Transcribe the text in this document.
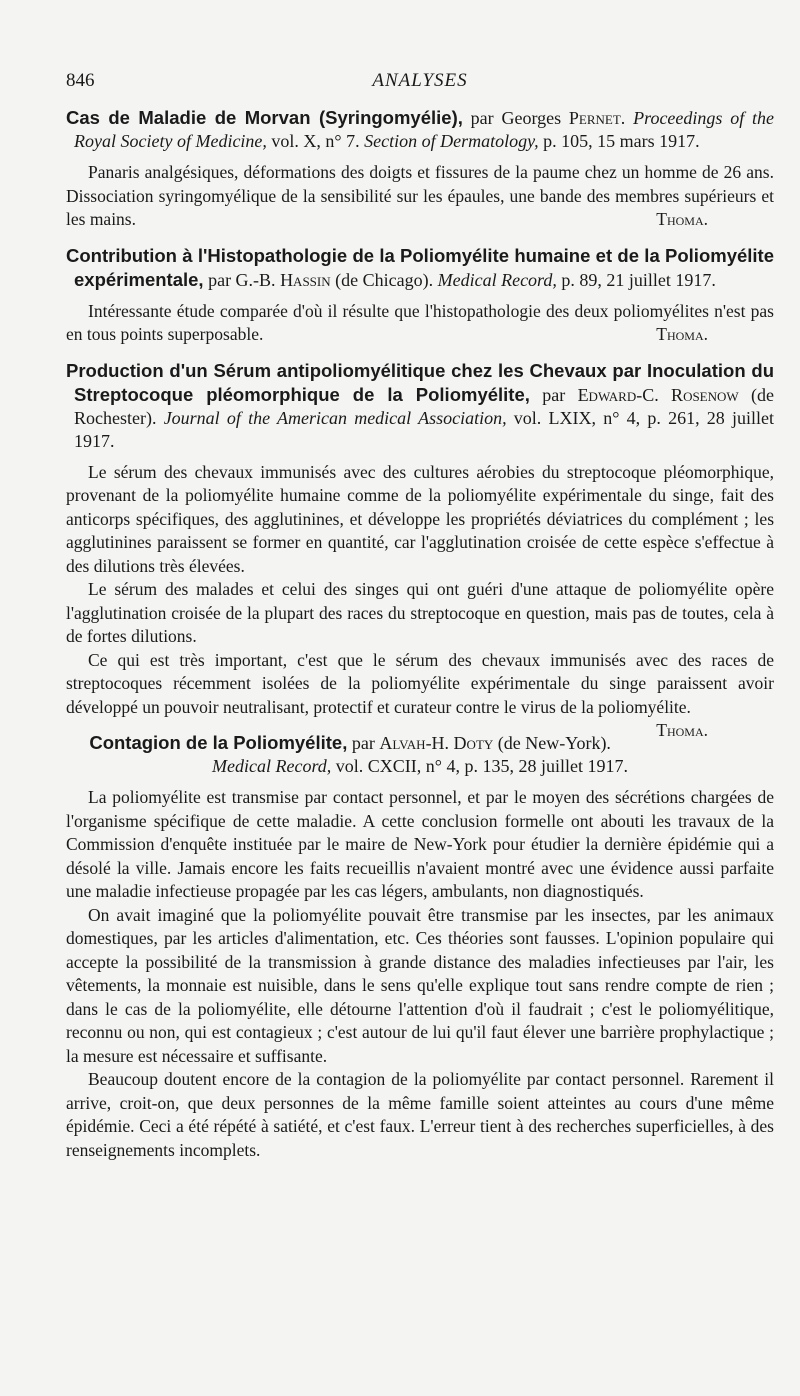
846	ANALYSES
Cas de Maladie de Morvan (Syringomyélie), par Georges Pernet. Proceedings of the Royal Society of Medicine, vol. X, n° 7. Section of Dermatology, p. 105, 15 mars 1917.

Panaris analgésiques, déformations des doigts et fissures de la paume chez un homme de 26 ans. Dissociation syringomyélique de la sensibilité sur les épaules, une bande des membres supérieurs et les mains.	Thoma.

Contribution à l'Histopathologie de la Poliomyélite humaine et de la Poliomyélite expérimentale, par G.-B. Hassin (de Chicago). Medical Record, p. 89, 21 juillet 1917.

Intéressante étude comparée d'où il résulte que l'histopathologie des deux poliomyélites n'est pas en tous points superposable.	Thoma.

Production d'un Sérum antipoliomyélitique chez les Chevaux par Inoculation du Streptocoque pléomorphique de la Poliomyélite, par Edward-C. Rosenow (de Rochester). Journal of the American medical Association, vol. LXIX, n° 4, p. 261, 28 juillet 1917.

Le sérum des chevaux immunisés avec des cultures aérobies du streptocoque pléomorphique, provenant de la poliomyélite humaine comme de la poliomyélite expérimentale du singe, fait des anticorps spécifiques, des agglutinines, et développe les propriétés déviatrices du complément ; les agglutinines paraissent se former en quantité, car l'agglutination croisée de cette espèce s'effectue à des dilutions très élevées.

Le sérum des malades et celui des singes qui ont guéri d'une attaque de poliomyélite opère l'agglutination croisée de la plupart des races du streptocoque en question, mais pas de toutes, cela à de fortes dilutions.

Ce qui est très important, c'est que le sérum des chevaux immunisés avec des races de streptocoques récemment isolées de la poliomyélite expérimentale du singe paraissent avoir développé un pouvoir neutralisant, protectif et curateur contre le virus de la poliomyélite.
Thoma.

Contagion de la Poliomyélite, par Alvah-H. Doty (de New-York). Medical Record, vol. CXCII, n° 4, p. 135, 28 juillet 1917.

La poliomyélite est transmise par contact personnel, et par le moyen des sécrétions chargées de l'organisme spécifique de cette maladie. A cette conclusion formelle ont abouti les travaux de la Commission d'enquête instituée par le maire de New-York pour étudier la dernière épidémie qui a désolé la ville. Jamais encore les faits recueillis n'avaient montré avec une évidence aussi parfaite une maladie infectieuse propagée par les cas légers, ambulants, non diagnostiqués.

On avait imaginé que la poliomyélite pouvait être transmise par les insectes, par les animaux domestiques, par les articles d'alimentation, etc. Ces théories sont fausses. L'opinion populaire qui accepte la possibilité de la transmission à grande distance des maladies infectieuses par l'air, les vêtements, la monnaie est nuisible, dans le sens qu'elle explique tout sans rendre compte de rien ; dans le cas de la poliomyélite, elle détourne l'attention d'où il faudrait ; c'est le poliomyélitique, reconnu ou non, qui est contagieux ; c'est autour de lui qu'il faut élever une barrière prophylactique ; la mesure est nécessaire et suffisante.

Beaucoup doutent encore de la contagion de la poliomyélite par contact personnel. Rarement il arrive, croit-on, que deux personnes de la même famille soient atteintes au cours d'une même épidémie. Ceci a été répété à satiété, et c'est faux. L'erreur tient à des recherches superficielles, à des renseignements incomplets.
